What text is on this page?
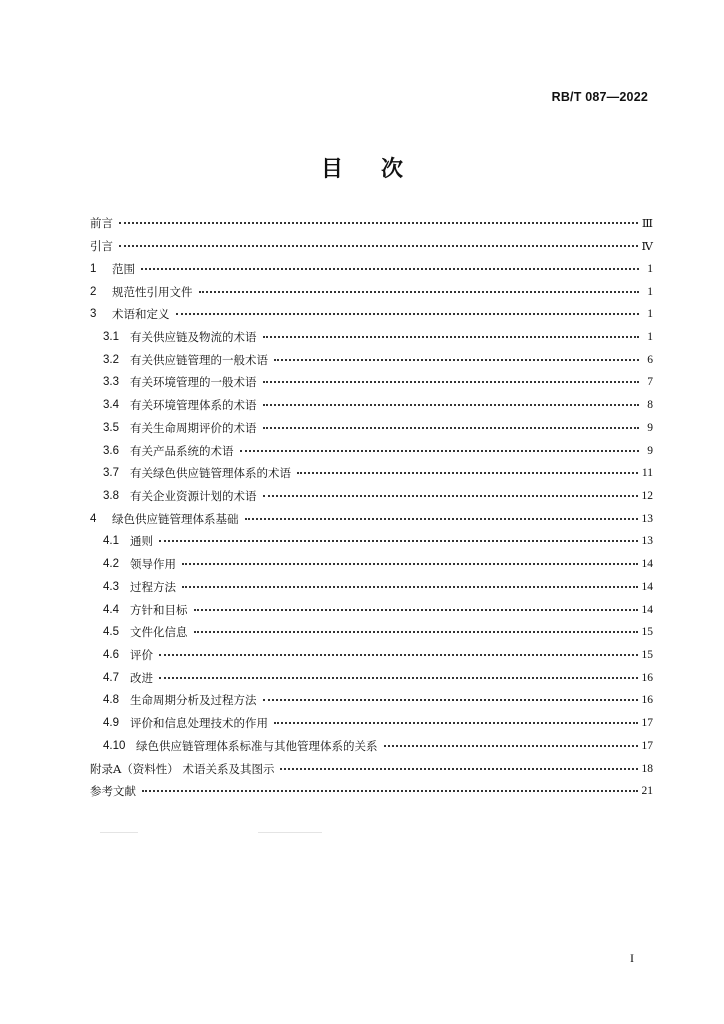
RB/T 087—2022
目次
前言	Ⅲ
引言	Ⅳ
1	范围	1
2	规范性引用文件	1
3	术语和定义	1
3.1 有关供应链及物流的术语	1
3.2 有关供应链管理的一般术语	6
3.3 有关环境管理的一般术语	7
3.4 有关环境管理体系的术语	8
3.5 有关生命周期评价的术语	9
3.6 有关产品系统的术语	9
3.7 有关绿色供应链管理体系的术语	11
3.8 有关企业资源计划的术语	12
4	绿色供应链管理体系基础	13
4.1 通则	13
4.2 领导作用	14
4.3 过程方法	14
4.4 方针和目标	14
4.5 文件化信息	15
4.6 评价	15
4.7 改进	16
4.8 生命周期分析及过程方法	16
4.9 评价和信息处理技术的作用	17
4.10 绿色供应链管理体系标准与其他管理体系的关系	17
附录A（资料性） 术语关系及其图示	18
参考文献	21
I
